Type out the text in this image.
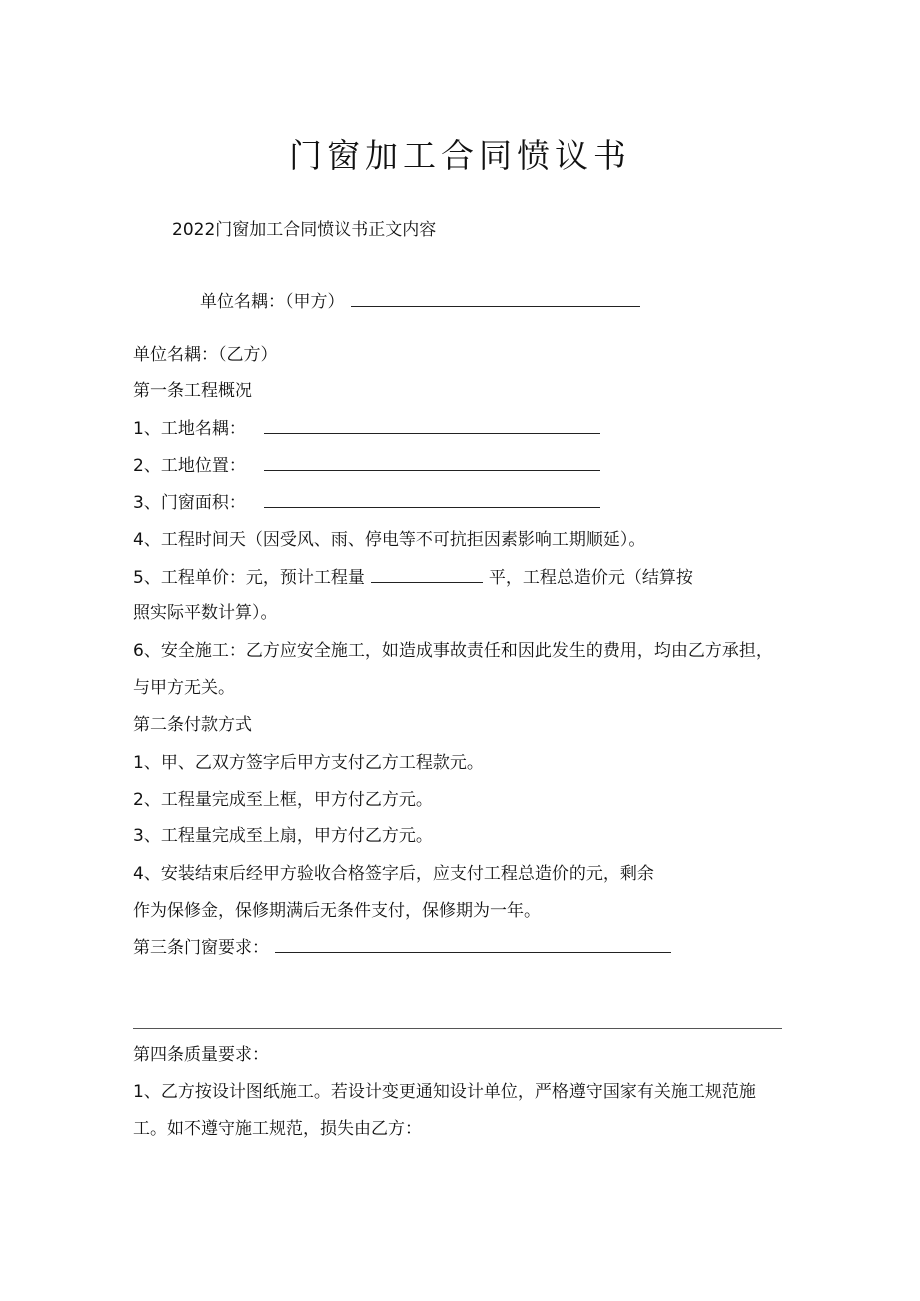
门窗加工合同愤议书
2022门窗加工合同愤议书正文内容
单位名耦：（甲方）
单位名耦：（乙方）
第一条工程概况
1、工地名耦：
2、工地位置：
3、门窗面积：
4、工程时间天（因受风、雨、停电等不可抗拒因素影响工期顺延）。
5、工程单价：元，预计工程量	平，工程总造价元（结算按
照实际平数计算）。
6、安全施工：乙方应安全施工，如造成事故责任和因此发生的费用，均由乙方承担，
与甲方无关。
第二条付款方式
1、甲、乙双方签字后甲方支付乙方工程款元。
2、工程量完成至上框，甲方付乙方元。
3、工程量完成至上扇，甲方付乙方元。
4、安装结束后经甲方验收合格签字后，应支付工程总造价的元，剩余
作为保修金，保修期满后无条件支付，保修期为一年。
第三条门窗要求：
第四条质量要求：
1、乙方按设计图纸施工。若设计变更通知设计单位，严格遵守国家有关施工规范施
工。如不遵守施工规范，损失由乙方：
